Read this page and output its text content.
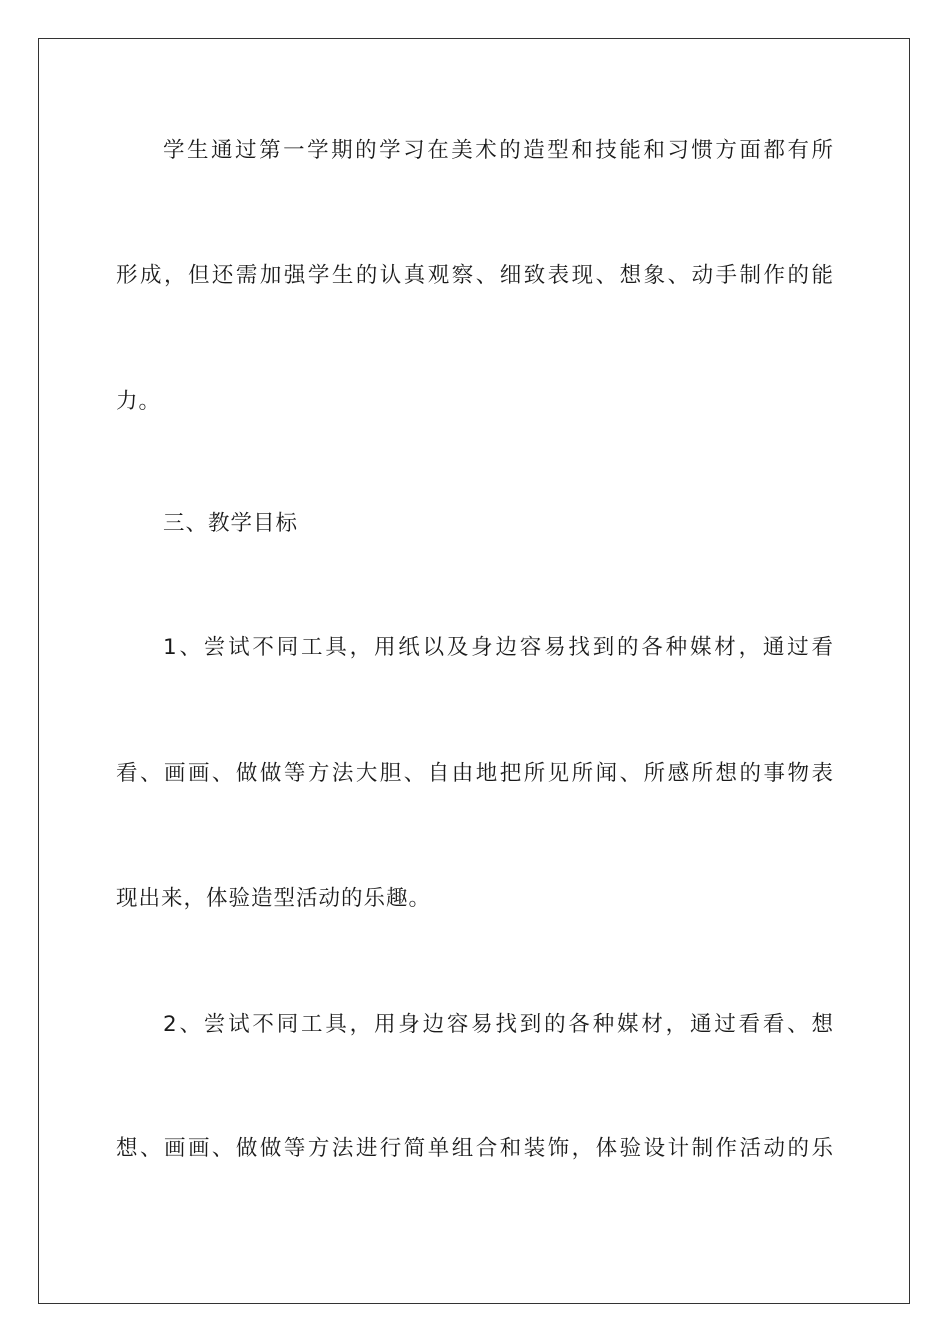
学生通过第一学期的学习在美术的造型和技能和习惯方面都有所
形成，但还需加强学生的认真观察、细致表现、想象、动手制作的能
力。
三、教学目标
1、尝试不同工具，用纸以及身边容易找到的各种媒材，通过看
看、画画、做做等方法大胆、自由地把所见所闻、所感所想的事物表
现出来，体验造型活动的乐趣。
2、尝试不同工具，用身边容易找到的各种媒材，通过看看、想
想、画画、做做等方法进行简单组合和装饰，体验设计制作活动的乐
